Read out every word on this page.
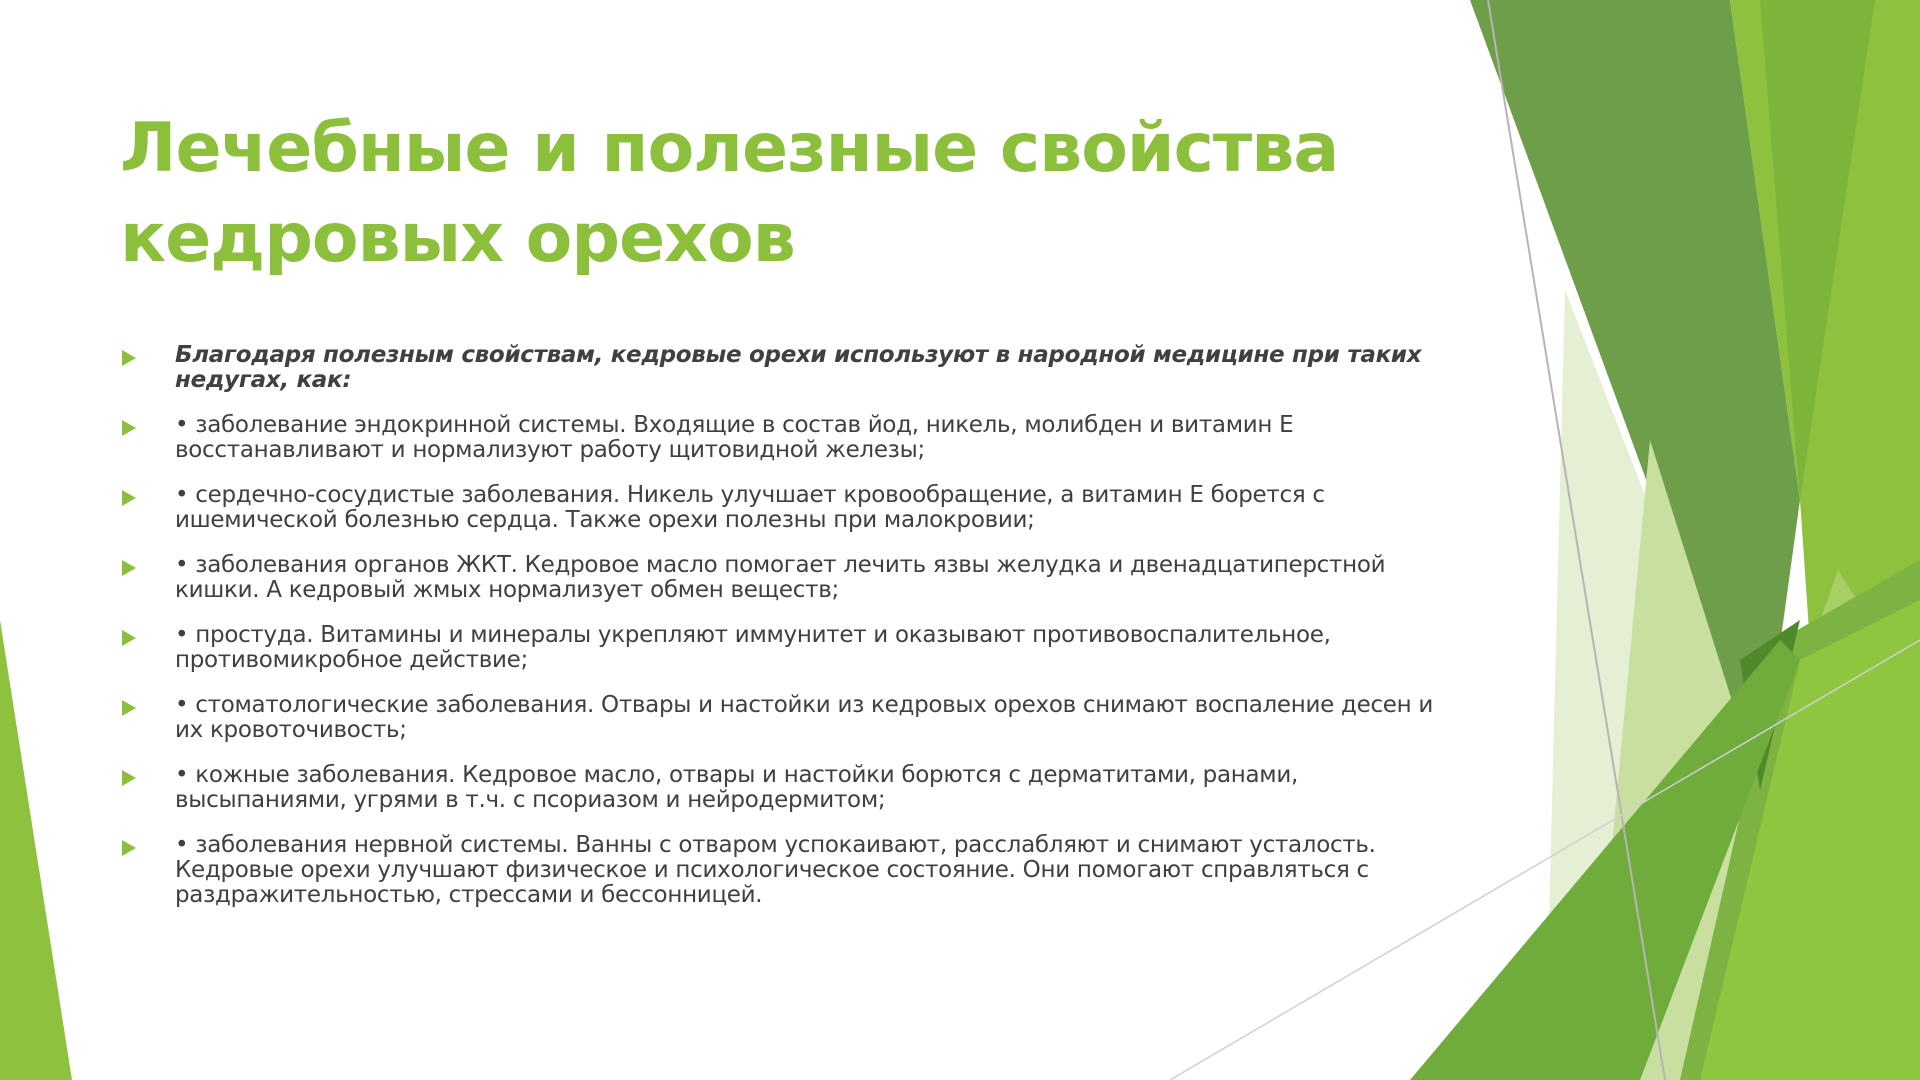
Лечебные и полезные свойства
кедровых орехов
Благодаря полезным свойствам, кедровые орехи используют в народной медицине при таких недугах, как:
• заболевание эндокринной системы. Входящие в состав йод, никель, молибден и витамин Е восстанавливают и нормализуют работу щитовидной железы;
• сердечно-сосудистые заболевания. Никель улучшает кровообращение, а витамин Е борется с ишемической болезнью сердца. Также орехи полезны при малокровии;
• заболевания органов ЖКТ. Кедровое масло помогает лечить язвы желудка и двенадцатиперстной кишки. А кедровый жмых нормализует обмен веществ;
• простуда. Витамины и минералы укрепляют иммунитет и оказывают противовоспалительное, противомикробное действие;
• стоматологические заболевания. Отвары и настойки из кедровых орехов снимают воспаление десен и их кровоточивость;
• кожные заболевания. Кедровое масло, отвары и настойки борются с дерматитами, ранами, высыпаниями, угрями в т.ч. с псориазом и нейродермитом;
• заболевания нервной системы. Ванны с отваром успокаивают, расслабляют и снимают усталость. Кедровые орехи улучшают физическое и психологическое состояние. Они помогают справляться с раздражительностью, стрессами и бессонницей.
